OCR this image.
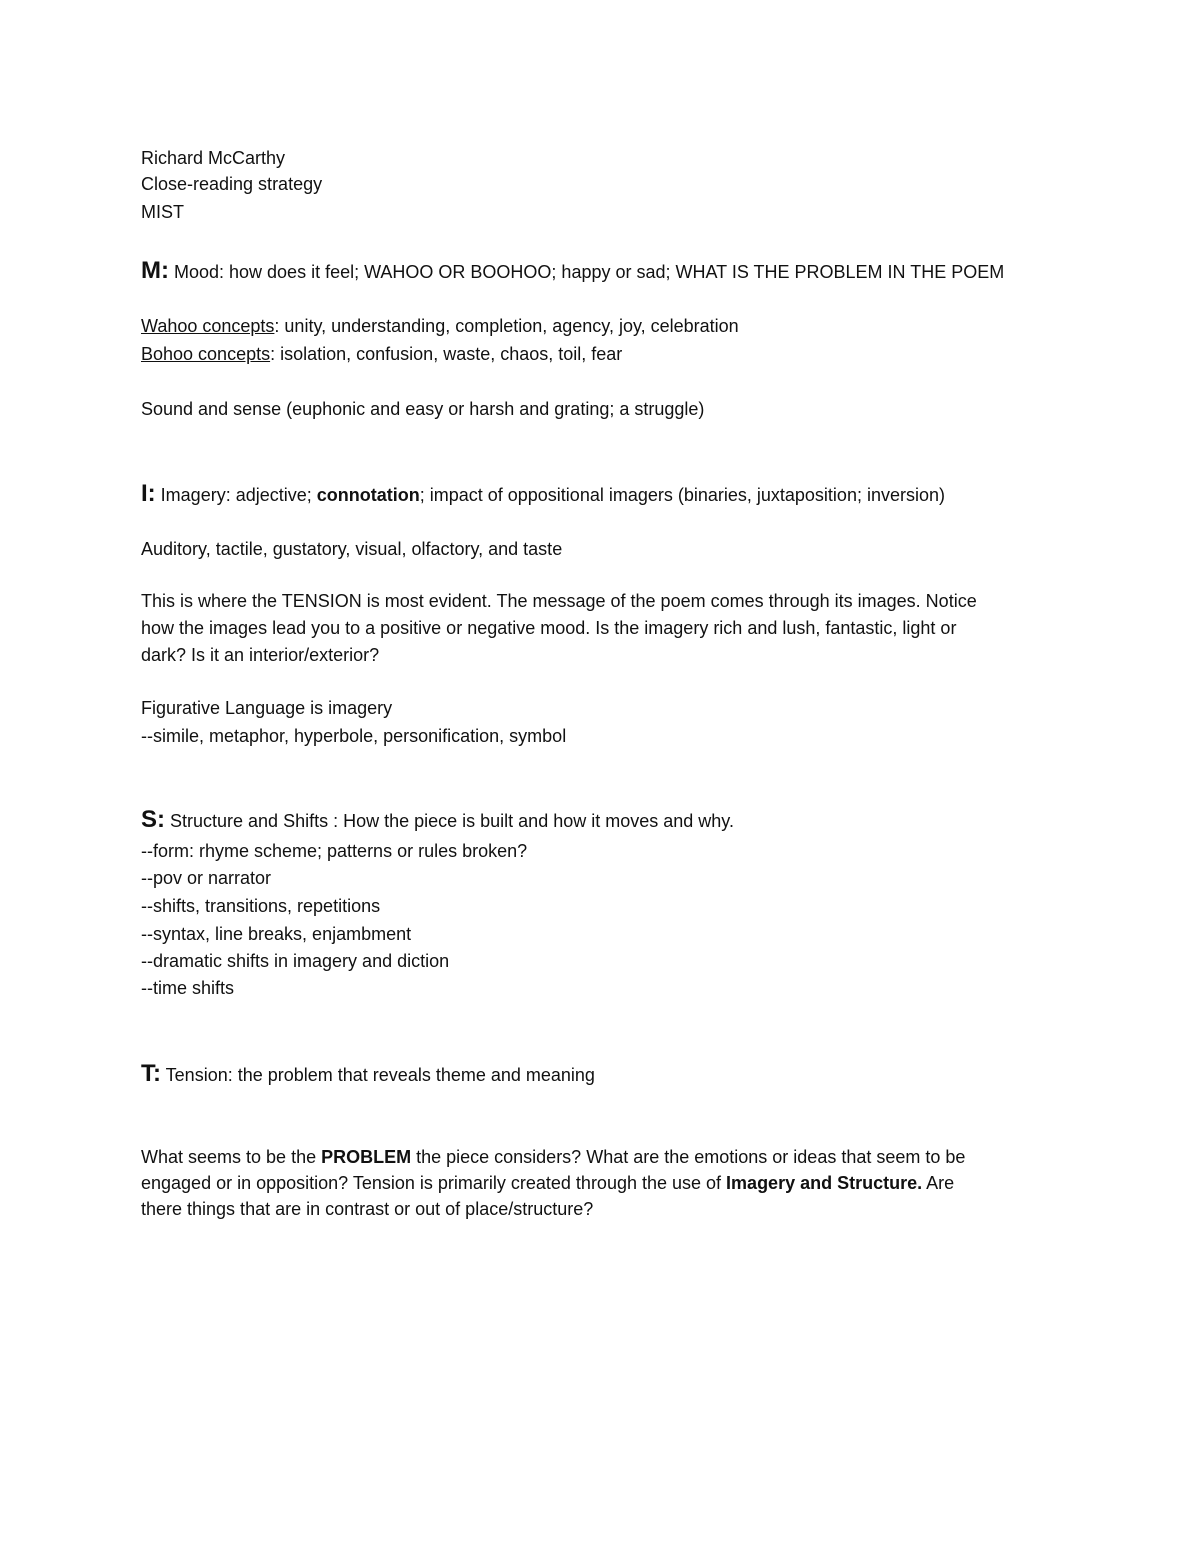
Richard McCarthy
Close-reading strategy
MIST
M: Mood: how does it feel; WAHOO OR BOOHOO; happy or sad; WHAT IS THE PROBLEM IN THE POEM
Wahoo concepts: unity, understanding, completion, agency, joy, celebration
Bohoo concepts: isolation, confusion, waste, chaos, toil, fear
Sound and sense (euphonic and easy or harsh and grating; a struggle)
I: Imagery: adjective; connotation; impact of oppositional imagers (binaries, juxtaposition; inversion)
Auditory, tactile, gustatory, visual, olfactory, and taste
This is where the TENSION is most evident. The message of the poem comes through its images. Notice
how the images lead you to a positive or negative mood. Is the imagery rich and lush, fantastic, light or
dark? Is it an interior/exterior?
Figurative Language is imagery
--simile, metaphor, hyperbole, personification, symbol
S: Structure and Shifts : How the piece is built and how it moves and why.
--form: rhyme scheme; patterns or rules broken?
--pov or narrator
--shifts, transitions, repetitions
--syntax, line breaks, enjambment
--dramatic shifts in imagery and diction
--time shifts
T: Tension: the problem that reveals theme and meaning
What seems to be the PROBLEM the piece considers? What are the emotions or ideas that seem to be
engaged or in opposition? Tension is primarily created through the use of Imagery and Structure. Are
there things that are in contrast or out of place/structure?
